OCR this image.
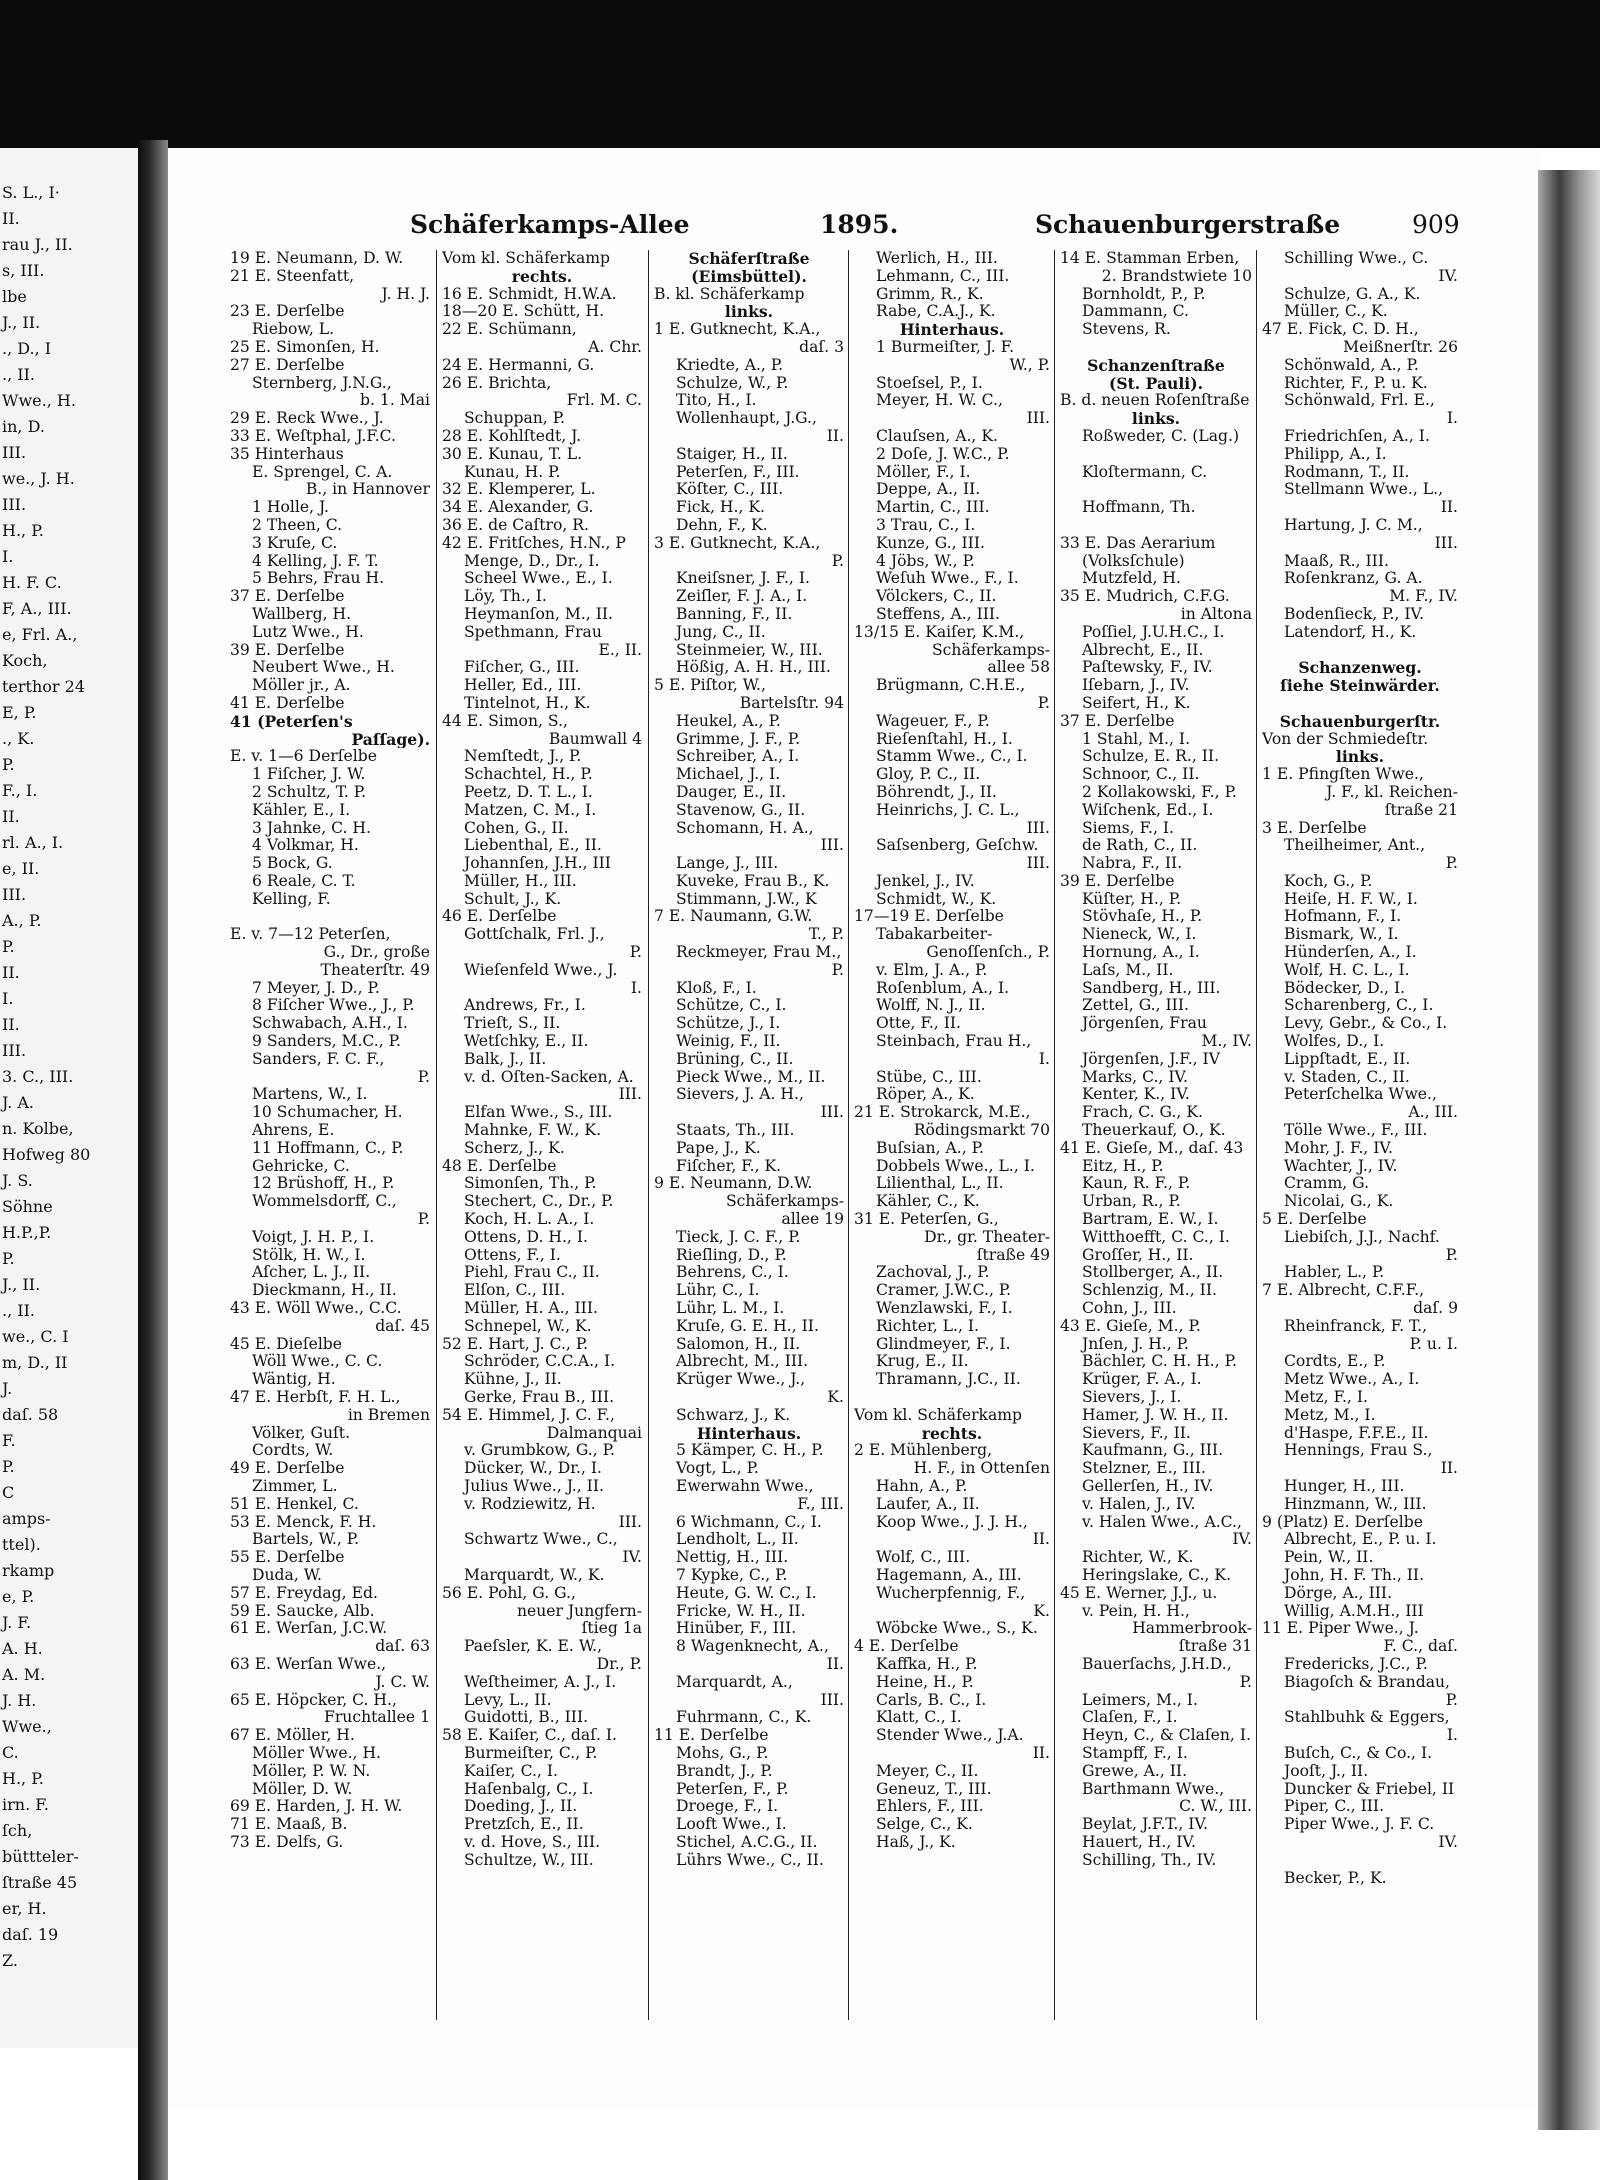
S. L., I·
II.
rau J., II.
s, III.
lbe
J., II.
., D., I
., II.
Wwe., H.
in, D.
III.
we., J. H.
III.
H., P.
I.
H. F. C.
F, A., III.
e, Frl. A.,
Koch,
terthor 24
E, P.
., K.
P.
F., I.
II.
rl. A., I.
e, II.
III.
A., P.
P.
II.
I.
II.
III.
3. C., III.
J. A.
n. Kolbe,
Hofweg 80
J. S.
Söhne
H.P.,P.
P.
J., II.
., II.
we., C. I
m, D., II
J.
daſ. 58
F.
P.
C
amps-
ttel).
rkamp
e, P.
J. F.
A. H.
A. M.
J. H.
Wwe.,
C.
H., P.
irn. F.
ſch,
büttteler-
ſtraße 45
er, H.
daſ. 19
Z.
Schäferkamps-Allee	1895.	Schauenburgerstraße	909
19 E. Neumann, D. W.
21 E. Steenfatt,
J. H. J.
23 E. Derſelbe
Riebow, L.
25 E. Simonſen, H.
27 E. Derſelbe
Sternberg, J.N.G.,
b. 1. Mai
29 E. Reck Wwe., J.
33 E. Weſtphal, J.F.C.
35 Hinterhaus
E. Sprengel, C. A.
B., in Hannover
1 Holle, J.
2 Theen, C.
3 Kruſe, C.
4 Kelling, J. F. T.
5 Behrs, Frau H.
37 E. Derſelbe
Wallberg, H.
Lutz Wwe., H.
39 E. Derſelbe
Neubert Wwe., H.
Möller jr., A.
41 E. Derſelbe
41 (Peterſen's
Paſſage).
E. v. 1—6 Derſelbe
1 Fiſcher, J. W.
2 Schultz, T. P.
Kähler, E., I.
3 Jahnke, C. H.
4 Volkmar, H.
5 Bock, G.
6 Reale, C. T.
Kelling, F.
E. v. 7—12 Peterſen,
G., Dr., große
Theaterſtr. 49
7 Meyer, J. D., P.
8 Fiſcher Wwe., J., P.
Schwabach, A.H., I.
9 Sanders, M.C., P.
Sanders, F. C. F.,
P.
Martens, W., I.
10 Schumacher, H.
Ahrens, E.
11 Hoffmann, C., P.
Gehricke, C.
12 Brüshoff, H., P.
Wommelsdorff, C.,
P.
Voigt, J. H. P., I.
Stölk, H. W., I.
Aſcher, L. J., II.
Dieckmann, H., II.
43 E. Wöll Wwe., C.C.
daſ. 45
45 E. Dieſelbe
Wöll Wwe., C. C.
Wäntig, H.
47 E. Herbſt, F. H. L.,
in Bremen
Völker, Guſt.
Cordts, W.
49 E. Derſelbe
Zimmer, L.
51 E. Henkel, C.
53 E. Menck, F. H.
Bartels, W., P.
55 E. Derſelbe
Duda, W.
57 E. Freydag, Ed.
59 E. Saucke, Alb.
61 E. Werſan, J.C.W.
daſ. 63
63 E. Werſan Wwe.,
J. C. W.
65 E. Höpcker, C. H.,
Fruchtallee 1
67 E. Möller, H.
Möller Wwe., H.
Möller, P. W. N.
Möller, D. W.
69 E. Harden, J. H. W.
71 E. Maaß, B.
73 E. Delfs, G.
Vom kl. Schäferkamp
rechts.
16 E. Schmidt, H.W.A.
18—20 E. Schütt, H.
22 E. Schümann,
A. Chr.
24 E. Hermanni, G.
26 E. Brichta,
Frl. M. C.
Schuppan, P.
28 E. Kohlſtedt, J.
30 E. Kunau, T. L.
Kunau, H. P.
32 E. Klemperer, L.
34 E. Alexander, G.
36 E. de Caſtro, R.
42 E. Fritſches, H.N., P
Menge, D., Dr., I.
Scheel Wwe., E., I.
Löy, Th., I.
Heymanſon, M., II.
Spethmann, Frau
E., II.
Fiſcher, G., III.
Heller, Ed., III.
Tintelnot, H., K.
44 E. Simon, S.,
Baumwall 4
Nemſtedt, J., P.
Schachtel, H., P.
Peetz, D. T. L., I.
Matzen, C. M., I.
Cohen, G., II.
Liebenthal, E., II.
Johannſen, J.H., III
Müller, H., III.
Schult, J., K.
46 E. Derſelbe
Gottſchalk, Frl. J.,
P.
Wieſenfeld Wwe., J.
I.
Andrews, Fr., I.
Trieſt, S., II.
Wetſchky, E., II.
Balk, J., II.
v. d. Oſten-Sacken, A.
III.
Elfan Wwe., S., III.
Mahnke, F. W., K.
Scherz, J., K.
48 E. Derſelbe
Simonſen, Th., P.
Stechert, C., Dr., P.
Koch, H. L. A., I.
Ottens, D. H., I.
Ottens, F., I.
Piehl, Frau C., II.
Elſon, C., III.
Müller, H. A., III.
Schnepel, W., K.
52 E. Hart, J. C., P.
Schröder, C.C.A., I.
Kühne, J., II.
Gerke, Frau B., III.
54 E. Himmel, J. C. F.,
Dalmanquai
v. Grumbkow, G., P.
Dücker, W., Dr., I.
Julius Wwe., J., II.
v. Rodziewitz, H.
III.
Schwartz Wwe., C.,
IV.
Marquardt, W., K.
56 E. Pohl, G. G.,
neuer Jungfern-
ſtieg 1a
Paeſsler, K. E. W.,
Dr., P.
Weſtheimer, A. J., I.
Levy, L., II.
Guidotti, B., III.
58 E. Kaiſer, C., daſ. I.
Burmeiſter, C., P.
Kaiſer, C., I.
Haſenbalg, C., I.
Doeding, J., II.
Pretzſch, E., II.
v. d. Hove, S., III.
Schultze, W., III.
Schäferſtraße
(Eimsbüttel).
B. kl. Schäferkamp
links.
1 E. Gutknecht, K.A.,
daſ. 3
Kriedte, A., P.
Schulze, W., P.
Tito, H., I.
Wollenhaupt, J.G.,
II.
Staiger, H., II.
Peterſen, F., III.
Köſter, C., III.
Fick, H., K.
Dehn, F., K.
3 E. Gutknecht, K.A.,
P.
Kneiſsner, J. F., I.
Zeiſler, F. J. A., I.
Banning, F., II.
Jung, C., II.
Steinmeier, W., III.
Hößig, A. H. H., III.
5 E. Piſtor, W.,
Bartelsſtr. 94
Heukel, A., P.
Grimme, J. F., P.
Schreiber, A., I.
Michael, J., I.
Dauger, E., II.
Stavenow, G., II.
Schomann, H. A.,
III.
Lange, J., III.
Kuveke, Frau B., K.
Stimmann, J.W., K
7 E. Naumann, G.W.
T., P.
Reckmeyer, Frau M.,
P.
Kloß, F., I.
Schütze, C., I.
Schütze, J., I.
Weinig, F., II.
Brüning, C., II.
Pieck Wwe., M., II.
Sievers, J. A. H.,
III.
Staats, Th., III.
Pape, J., K.
Fiſcher, F., K.
9 E. Neumann, D.W.
Schäferkamps-
allee 19
Tieck, J. C. F., P.
Rieſling, D., P.
Behrens, C., I.
Lühr, C., I.
Lühr, L. M., I.
Kruſe, G. E. H., II.
Salomon, H., II.
Albrecht, M., III.
Krüger Wwe., J.,
K.
Schwarz, J., K.
Hinterhaus.
5 Kämper, C. H., P.
Vogt, L., P.
Ewerwahn Wwe.,
F., III.
6 Wichmann, C., I.
Lendholt, L., II.
Nettig, H., III.
7 Kypke, C., P.
Heute, G. W. C., I.
Fricke, W. H., II.
Hinüber, F., III.
8 Wagenknecht, A.,
II.
Marquardt, A.,
III.
Fuhrmann, C., K.
11 E. Derſelbe
Mohs, G., P.
Brandt, J., P.
Peterſen, F., P.
Droege, F., I.
Looft Wwe., I.
Stichel, A.C.G., II.
Lührs Wwe., C., II.
Werlich, H., III.
Lehmann, C., III.
Grimm, R., K.
Rabe, C.A.J., K.
Hinterhaus.
1 Burmeiſter, J. F.
W., P.
Stoeſsel, P., I.
Meyer, H. W. C.,
III.
Clauſsen, A., K.
2 Doſe, J. W.C., P.
Möller, F., I.
Deppe, A., II.
Martin, C., III.
3 Trau, C., I.
Kunze, G., III.
4 Jöbs, W., P.
Weſuh Wwe., F., I.
Völckers, C., II.
Steffens, A., III.
13/15 E. Kaiſer, K.M.,
Schäferkamps-
allee 58
Brügmann, C.H.E.,
P.
Wageuer, F., P.
Rieſenſtahl, H., I.
Stamm Wwe., C., I.
Gloy, P. C., II.
Böhrendt, J., II.
Heinrichs, J. C. L.,
III.
Saſsenberg, Geſchw.
III.
Jenkel, J., IV.
Schmidt, W., K.
17—19 E. Derſelbe
Tabakarbeiter-
Genoſſenſch., P.
v. Elm, J. A., P.
Roſenblum, A., I.
Wolff, N. J., II.
Otte, F., II.
Steinbach, Frau H.,
I.
Stübe, C., III.
Röper, A., K.
21 E. Strokarck, M.E.,
Rödingsmarkt 70
Buſsian, A., P.
Dobbels Wwe., L., I.
Lilienthal, L., II.
Kähler, C., K.
31 E. Peterſen, G.,
Dr., gr. Theater-
ſtraße 49
Zachoval, J., P.
Cramer, J.W.C., P.
Wenzlawski, F., I.
Richter, L., I.
Glindmeyer, F., I.
Krug, E., II.
Thramann, J.C., II.
Vom kl. Schäferkamp
rechts.
2 E. Mühlenberg,
H. F., in Ottenſen
Hahn, A., P.
Laufer, A., II.
Koop Wwe., J. J. H.,
II.
Wolf, C., III.
Hagemann, A., III.
Wucherpfennig, F.,
K.
Wöbcke Wwe., S., K.
4 E. Derſelbe
Kaffka, H., P.
Heine, H., P.
Carls, B. C., I.
Klatt, C., I.
Stender Wwe., J.A.
II.
Meyer, C., II.
Geneuz, T., III.
Ehlers, F., III.
Selge, C., K.
Haß, J., K.
14 E. Stamman Erben,
2. Brandstwiete 10
Bornholdt, P., P.
Dammann, C.
Stevens, R.
Schanzenſtraße
(St. Pauli).
B. d. neuen Roſenſtraße
links.
Roßweder, C. (Lag.)
Kloſtermann, C.
Hoffmann, Th.
33 E. Das Aerarium
(Volksſchule)
Mutzfeld, H.
35 E. Mudrich, C.F.G.
in Altona
Poſſiel, J.U.H.C., I.
Albrecht, E., II.
Paſtewsky, F., IV.
Iſebarn, J., IV.
Seifert, H., K.
37 E. Derſelbe
1 Stahl, M., I.
Schulze, E. R., II.
Schnoor, C., II.
2 Kollakowski, F., P.
Wiſchenk, Ed., I.
Siems, F., I.
de Rath, C., II.
Nabra, F., II.
39 E. Derſelbe
Küſter, H., P.
Stövhaſe, H., P.
Nieneck, W., I.
Hornung, A., I.
Laſs, M., II.
Sandberg, H., III.
Zettel, G., III.
Jörgenſen, Frau
M., IV.
Jörgenſen, J.F., IV
Marks, C., IV.
Kenter, K., IV.
Frach, C. G., K.
Theuerkauf, O., K.
41 E. Gieſe, M., daſ. 43
Eitz, H., P.
Kaun, R. F., P.
Urban, R., P.
Bartram, E. W., I.
Witthoefft, C. C., I.
Groſſer, H., II.
Stollberger, A., II.
Schlenzig, M., II.
Cohn, J., III.
43 E. Gieſe, M., P.
Jnſen, J. H., P.
Bächler, C. H. H., P.
Krüger, F. A., I.
Sievers, J., I.
Hamer, J. W. H., II.
Sievers, F., II.
Kaufmann, G., III.
Stelzner, E., III.
Gellerſen, H., IV.
v. Halen, J., IV.
v. Halen Wwe., A.C.,
IV.
Richter, W., K.
Heringslake, C., K.
45 E. Werner, J.J., u.
v. Pein, H. H.,
Hammerbrook-
ſtraße 31
Bauerſachs, J.H.D.,
P.
Leimers, M., I.
Claſen, F., I.
Heyn, C., & Claſen, I.
Stampff, F., I.
Grewe, A., II.
Barthmann Wwe.,
C. W., III.
Beylat, J.F.T., IV.
Hauert, H., IV.
Schilling, Th., IV.
Schilling Wwe., C.
IV.
Schulze, G. A., K.
Müller, C., K.
47 E. Fick, C. D. H.,
Meißnerſtr. 26
Schönwald, A., P.
Richter, F., P. u. K.
Schönwald, Frl. E.,
I.
Friedrichſen, A., I.
Philipp, A., I.
Rodmann, T., II.
Stellmann Wwe., L.,
II.
Hartung, J. C. M.,
III.
Maaß, R., III.
Roſenkranz, G. A.
M. F., IV.
Bodenſieck, P., IV.
Latendorf, H., K.
Schanzenweg.
ſiehe Steinwärder.
Schauenburgerſtr.
Von der Schmiedeſtr.
links.
1 E. Pfingſten Wwe.,
J. F., kl. Reichen-
ſtraße 21
3 E. Derſelbe
Theilheimer, Ant.,
P.
Koch, G., P.
Heiſe, H. F. W., I.
Hofmann, F., I.
Bismark, W., I.
Hünderſen, A., I.
Wolf, H. C. L., I.
Bödecker, D., I.
Scharenberg, C., I.
Levy, Gebr., & Co., I.
Wolfes, D., I.
Lippſtadt, E., II.
v. Staden, C., II.
Peterſchelka Wwe.,
A., III.
Tölle Wwe., F., III.
Mohr, J. F., IV.
Wachter, J., IV.
Cramm, G.
Nicolai, G., K.
5 E. Derſelbe
Liebiſch, J.J., Nachf.
P.
Habler, L., P.
7 E. Albrecht, C.F.F.,
daſ. 9
Rheinfranck, F. T.,
P. u. I.
Cordts, E., P.
Metz Wwe., A., I.
Metz, F., I.
Metz, M., I.
d'Haspe, F.F.E., II.
Hennings, Frau S.,
II.
Hunger, H., III.
Hinzmann, W., III.
9 (Platz) E. Derſelbe
Albrecht, E., P. u. I.
Pein, W., II.
John, H. F. Th., II.
Dörge, A., III.
Willig, A.M.H., III
11 E. Piper Wwe., J.
F. C., daſ.
Fredericks, J.C., P.
Biagoſch & Brandau,
P.
Stahlbuhk & Eggers,
I.
Buſch, C., & Co., I.
Jooſt, J., II.
Duncker & Friebel, II
Piper, C., III.
Piper Wwe., J. F. C.
IV.
Becker, P., K.
